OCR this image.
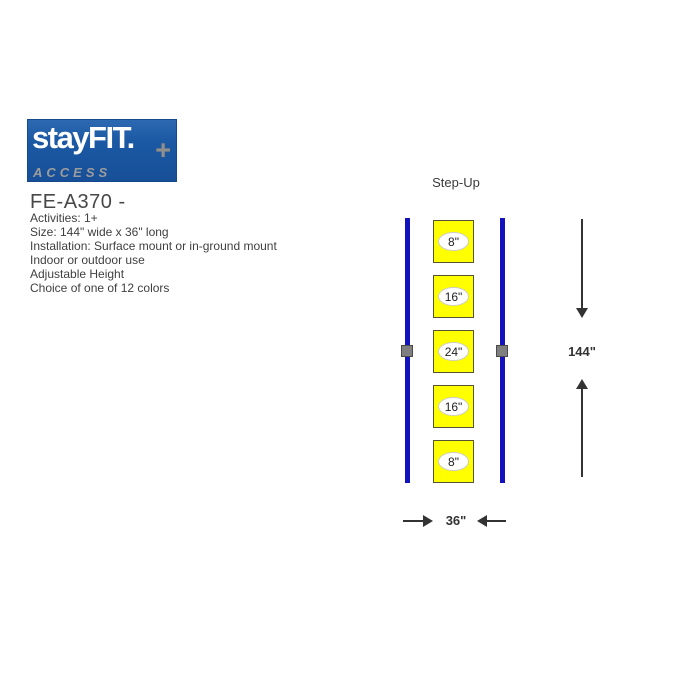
stayFIT. +
ACCESS
FE-A370 -
Activities: 1+
Size: 144" wide x 36" long
Installation: Surface mount or in-ground mount
Indoor or outdoor use
Adjustable Height
Choice of one of 12 colors
Step-Up
8"
16"
24"
16"
8"
144"
36"
